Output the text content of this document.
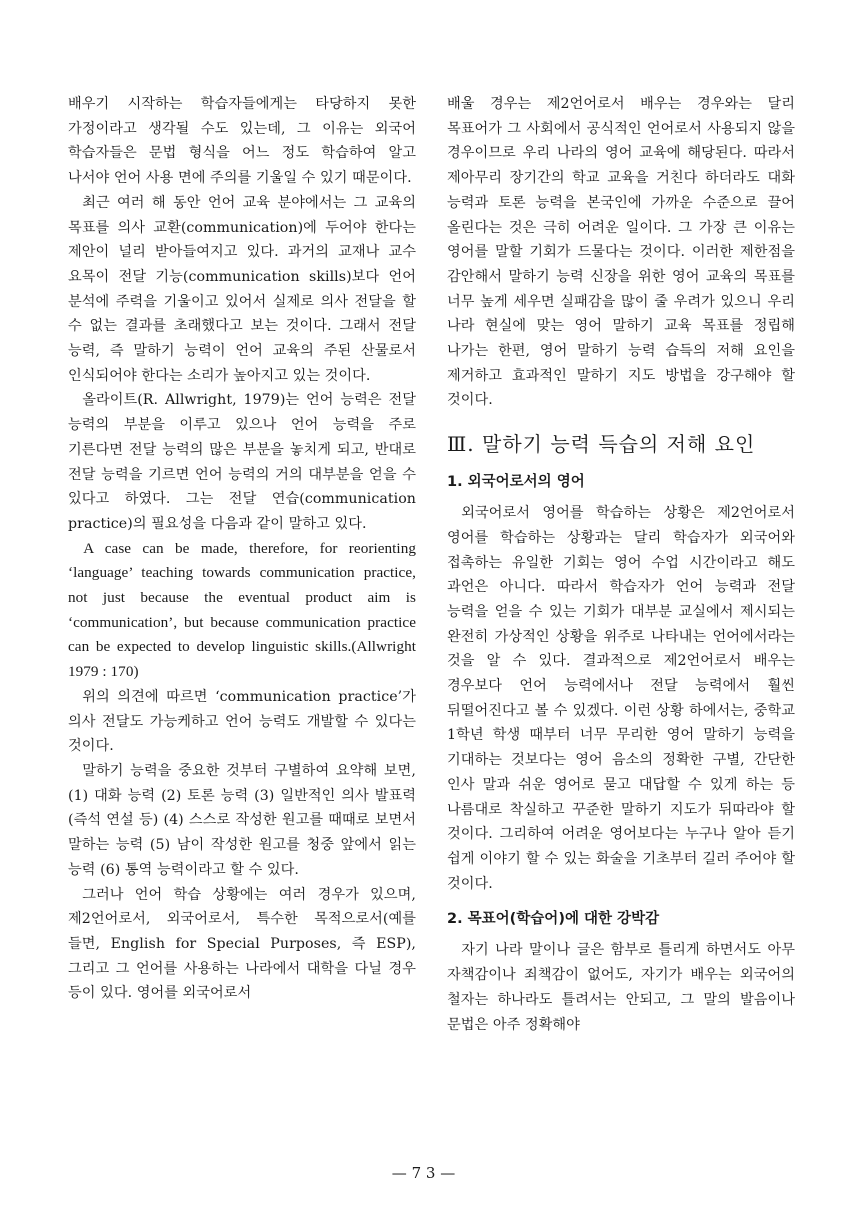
배우기 시작하는 학습자들에게는 타당하지 못한 가정이라고 생각될 수도 있는데, 그 이유는 외국어 학습자들은 문법 형식을 어느 정도 학습하여 알고 나서야 언어 사용 면에 주의를 기울일 수 있기 때문이다.

최근 여러 해 동안 언어 교육 분야에서는 그 교육의 목표를 의사 교환(communication)에 두어야 한다는 제안이 널리 받아들여지고 있다. 과거의 교재나 교수 요목이 전달 기능(communication skills)보다 언어 분석에 주력을 기울이고 있어서 실제로 의사 전달을 할 수 없는 결과를 초래했다고 보는 것이다. 그래서 전달 능력, 즉 말하기 능력이 언어 교육의 주된 산물로서 인식되어야 한다는 소리가 높아지고 있는 것이다.

올라이트(R. Allwright, 1979)는 언어 능력은 전달 능력의 부분을 이루고 있으나 언어 능력을 주로 기른다면 전달 능력의 많은 부분을 놓치게 되고, 반대로 전달 능력을 기르면 언어 능력의 거의 대부분을 얻을 수 있다고 하였다. 그는 전달 연습(communication practice)의 필요성을 다음과 같이 말하고 있다.

A case can be made, therefore, for reorienting ‘language’ teaching towards communication practice, not just because the eventual product aim is ‘communication’, but because communication practice can be expected to develop linguistic skills.(Allwright 1979 : 170)

위의 의견에 따르면 ‘communication practice’가 의사 전달도 가능케하고 언어 능력도 개발할 수 있다는 것이다.

말하기 능력을 중요한 것부터 구별하여 요약해 보면, (1) 대화 능력 (2) 토론 능력 (3) 일반적인 의사 발표력(즉석 연설 등) (4) 스스로 작성한 원고를 때때로 보면서 말하는 능력 (5) 남이 작성한 원고를 청중 앞에서 읽는 능력 (6) 통역 능력이라고 할 수 있다.

그러나 언어 학습 상황에는 여러 경우가 있으며, 제2언어로서, 외국어로서, 특수한 목적으로서(예를 들면, English for Special Purposes, 즉 ESP), 그리고 그 언어를 사용하는 나라에서 대학을 다닐 경우 등이 있다. 영어를 외국어로서

배울 경우는 제2언어로서 배우는 경우와는 달리 목표어가 그 사회에서 공식적인 언어로서 사용되지 않을 경우이므로 우리 나라의 영어 교육에 해당된다. 따라서 제아무리 장기간의 학교 교육을 거친다 하더라도 대화 능력과 토론 능력을 본국인에 가까운 수준으로 끌어 올린다는 것은 극히 어려운 일이다. 그 가장 큰 이유는 영어를 말할 기회가 드물다는 것이다. 이러한 제한점을 감안해서 말하기 능력 신장을 위한 영어 교육의 목표를 너무 높게 세우면 실패감을 많이 줄 우려가 있으니 우리 나라 현실에 맞는 영어 말하기 교육 목표를 정립해 나가는 한편, 영어 말하기 능력 습득의 저해 요인을 제거하고 효과적인 말하기 지도 방법을 강구해야 할 것이다.

Ⅲ. 말하기 능력 득습의 저해 요인
1. 외국어로서의 영어

외국어로서 영어를 학습하는 상황은 제2언어로서 영어를 학습하는 상황과는 달리 학습자가 외국어와 접촉하는 유일한 기회는 영어 수업 시간이라고 해도 과언은 아니다. 따라서 학습자가 언어 능력과 전달 능력을 얻을 수 있는 기회가 대부분 교실에서 제시되는 완전히 가상적인 상황을 위주로 나타내는 언어에서라는 것을 알 수 있다. 결과적으로 제2언어로서 배우는 경우보다 언어 능력에서나 전달 능력에서 훨씬 뒤떨어진다고 볼 수 있겠다. 이런 상황 하에서는, 중학교 1학년 학생 때부터 너무 무리한 영어 말하기 능력을 기대하는 것보다는 영어 음소의 정확한 구별, 간단한 인사 말과 쉬운 영어로 묻고 대답할 수 있게 하는 등 나름대로 착실하고 꾸준한 말하기 지도가 뒤따라야 할 것이다. 그리하여 어려운 영어보다는 누구나 알아 듣기 쉽게 이야기 할 수 있는 화술을 기초부터 길러 주어야 할 것이다.

2. 목표어(학습어)에 대한 강박감

자기 나라 말이나 글은 함부로 틀리게 하면서도 아무 자책감이나 죄책감이 없어도, 자기가 배우는 외국어의 철자는 하나라도 틀려서는 안되고, 그 말의 발음이나 문법은 아주 정확해야

— 7 3 —
